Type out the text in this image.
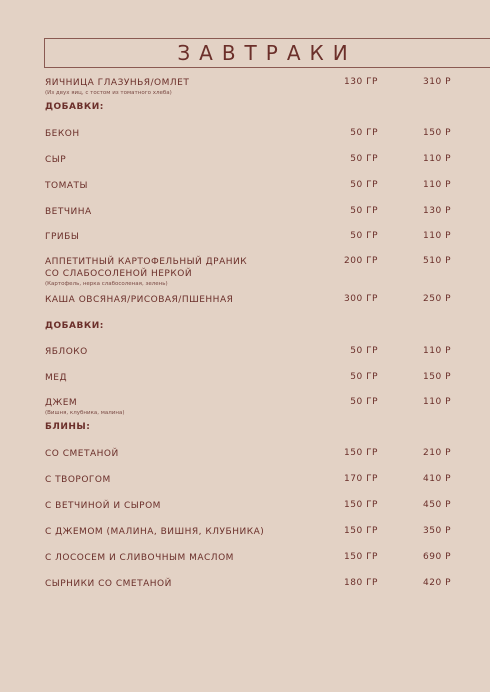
ЗАВТРАКИ
ЯИЧНИЦА ГЛАЗУНЬЯ/ОМЛЕТ	130 ГР	310 Р
(Из двух яиц, с тостом из томатного хлеба)
ДОБАВКИ:
БЕКОН	50 ГР	150 Р
СЫР	50 ГР	110 Р
ТОМАТЫ	50 ГР	110 Р
ВЕТЧИНА	50 ГР	130 Р
ГРИБЫ	50 ГР	110 Р
АППЕТИТНЫЙ КАРТОФЕЛЬНЫЙ ДРАНИК	200 ГР	510 Р
СО СЛАБОСОЛЕНОЙ НЕРКОЙ
(Картофель, нерка слабосоленая, зелень)
КАША ОВСЯНАЯ/РИСОВАЯ/ПШЕННАЯ	300 ГР	250 Р
ДОБАВКИ:
ЯБЛОКО	50 ГР	110 Р
МЕД	50 ГР	150 Р
ДЖЕМ	50 ГР	110 Р
(Вишня, клубника, малина)
БЛИНЫ:
СО СМЕТАНОЙ	150 ГР	210 Р
С ТВОРОГОМ	170 ГР	410 Р
С ВЕТЧИНОЙ И СЫРОМ	150 ГР	450 Р
С ДЖЕМОМ (МАЛИНА, ВИШНЯ, КЛУБНИКА)	150 ГР	350 Р
С ЛОСОСЕМ И СЛИВОЧНЫМ МАСЛОМ	150 ГР	690 Р
СЫРНИКИ СО СМЕТАНОЙ	180 ГР	420 Р
